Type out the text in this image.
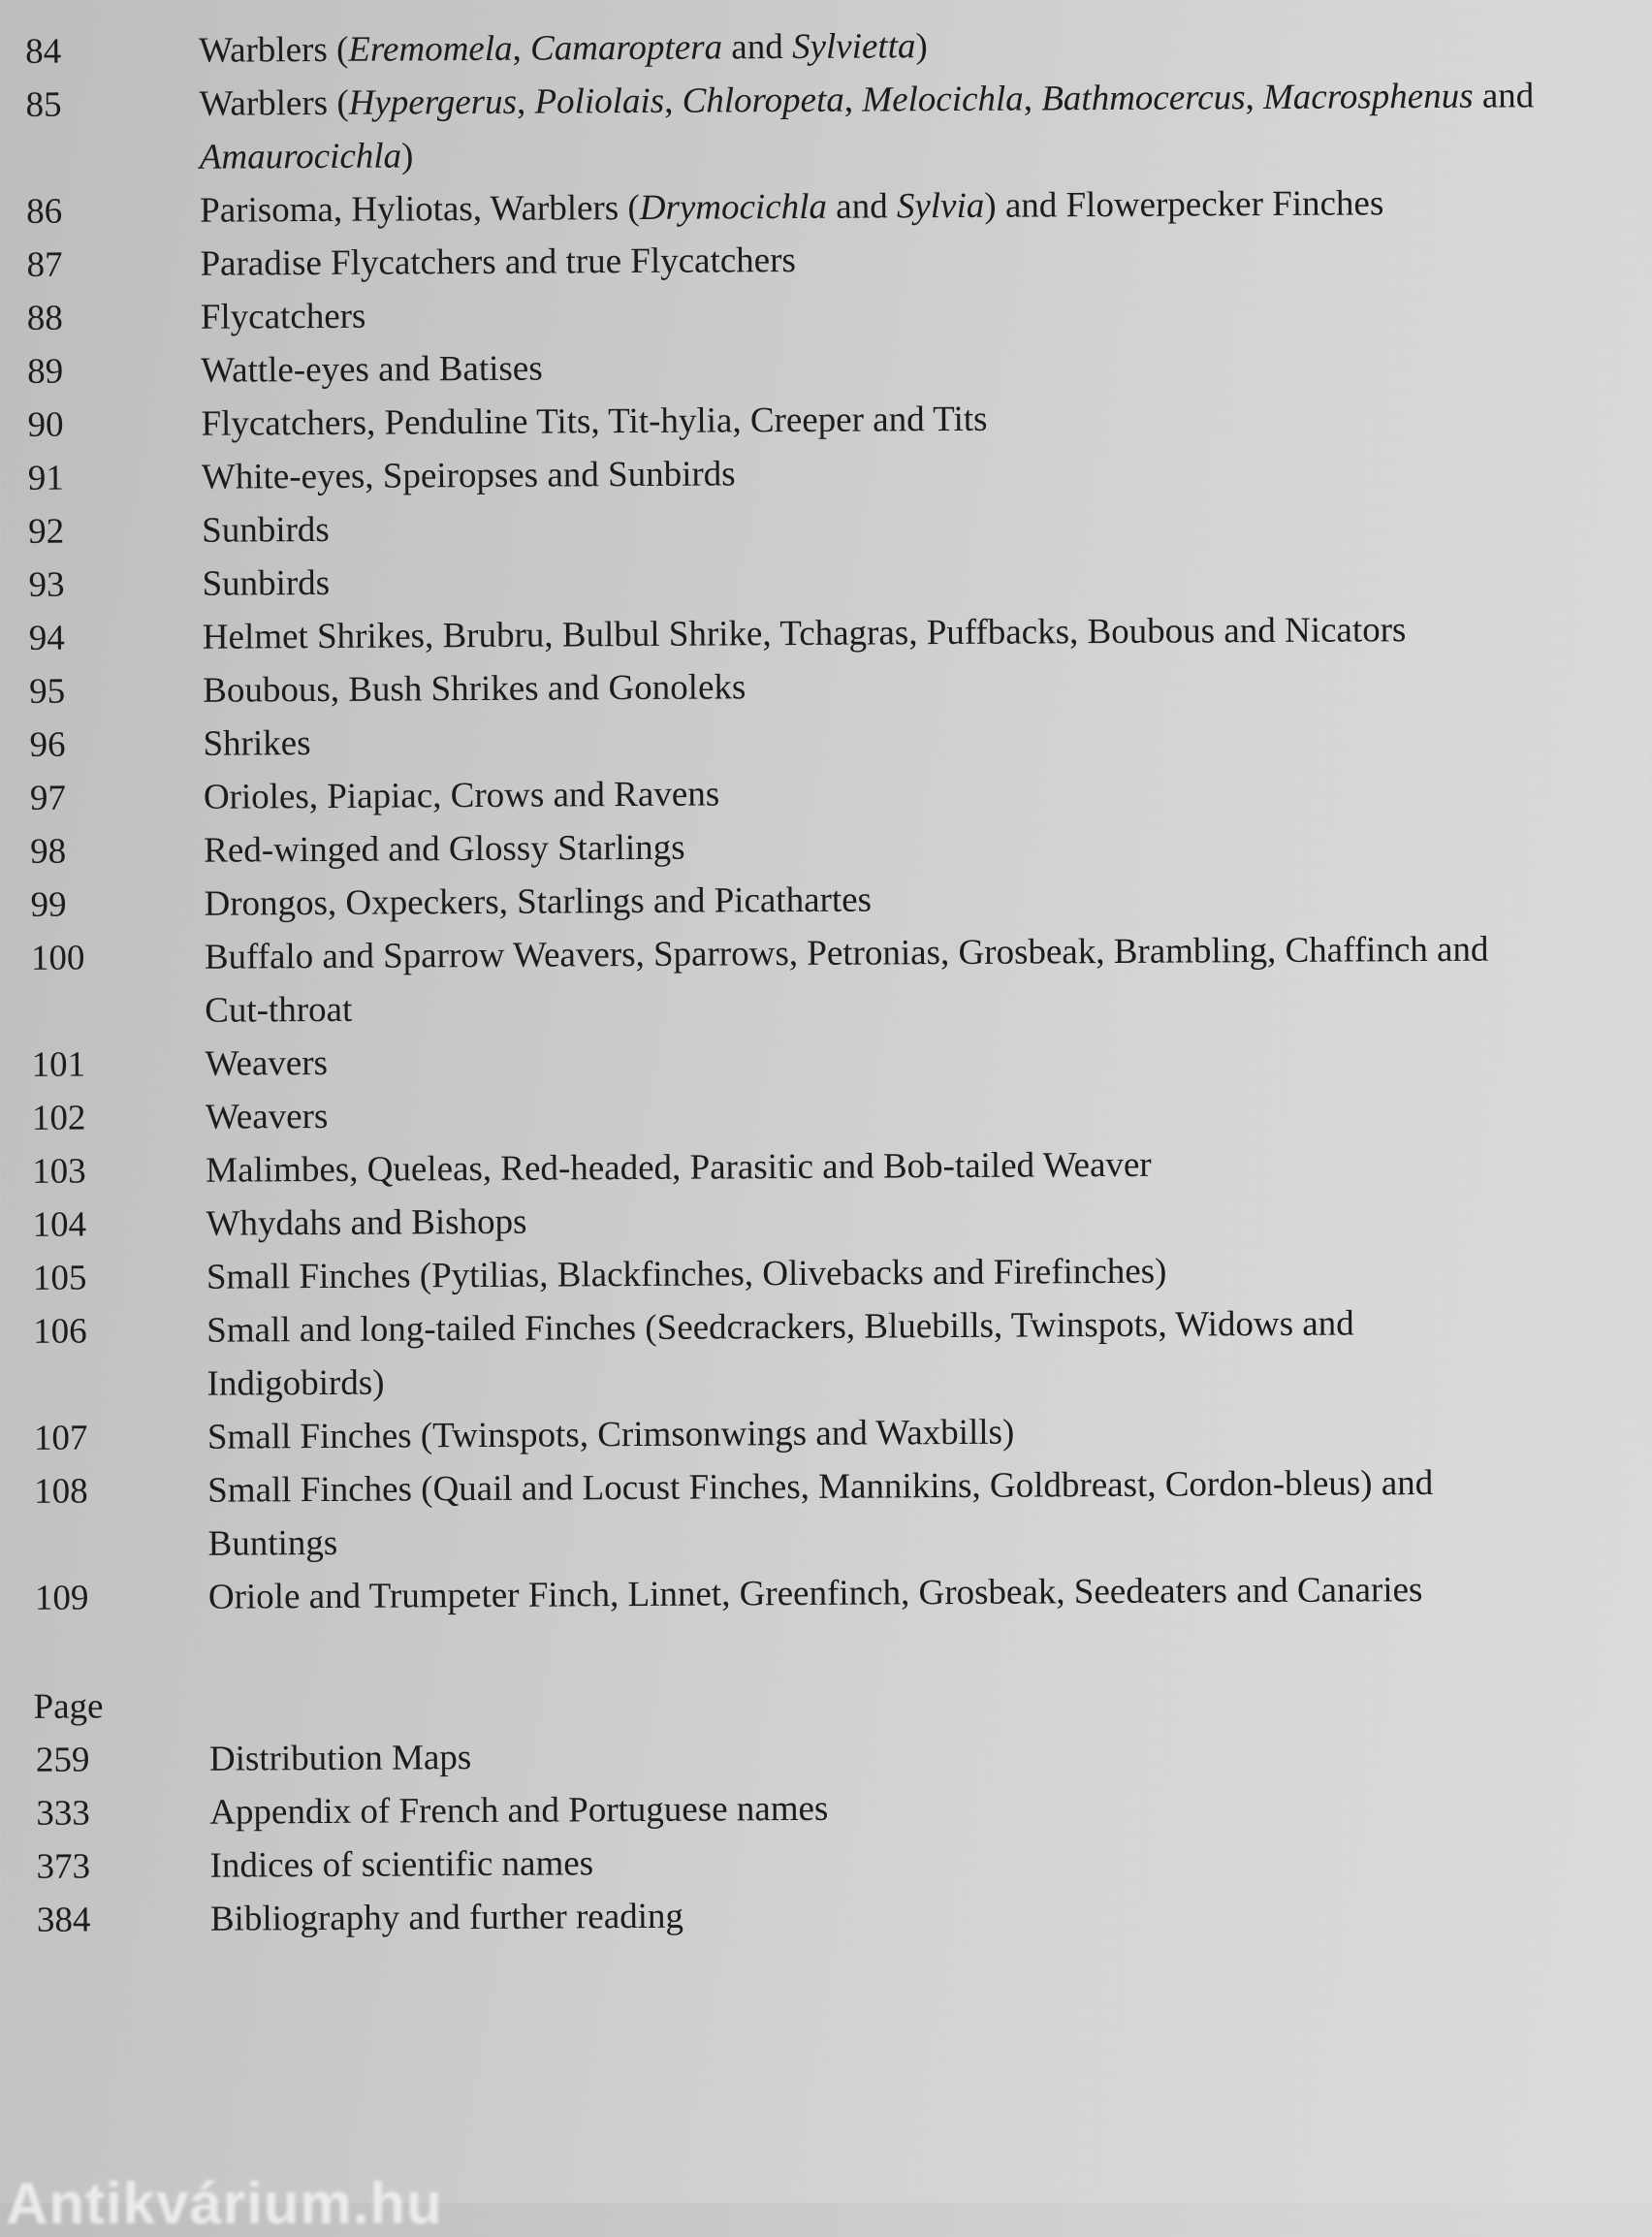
84	Warblers (Eremomela, Camaroptera and Sylvietta)
85	Warblers (Hypergerus, Poliolais, Chloropeta, Melocichla, Bathmocercus, Macrosphenus and
Amaurocichla)
86	Parisoma, Hyliotas, Warblers (Drymocichla and Sylvia) and Flowerpecker Finches
87	Paradise Flycatchers and true Flycatchers
88	Flycatchers
89	Wattle-eyes and Batises
90	Flycatchers, Penduline Tits, Tit-hylia, Creeper and Tits
91	White-eyes, Speiropses and Sunbirds
92	Sunbirds
93	Sunbirds
94	Helmet Shrikes, Brubru, Bulbul Shrike, Tchagras, Puffbacks, Boubous and Nicators
95	Boubous, Bush Shrikes and Gonoleks
96	Shrikes
97	Orioles, Piapiac, Crows and Ravens
98	Red-winged and Glossy Starlings
99	Drongos, Oxpeckers, Starlings and Picathartes
100	Buffalo and Sparrow Weavers, Sparrows, Petronias, Grosbeak, Brambling, Chaffinch and
Cut-throat
101	Weavers
102	Weavers
103	Malimbes, Queleas, Red-headed, Parasitic and Bob-tailed Weaver
104	Whydahs and Bishops
105	Small Finches (Pytilias, Blackfinches, Olivebacks and Firefinches)
106	Small and long-tailed Finches (Seedcrackers, Bluebills, Twinspots, Widows and
Indigobirds)
107	Small Finches (Twinspots, Crimsonwings and Waxbills)
108	Small Finches (Quail and Locust Finches, Mannikins, Goldbreast, Cordon-bleus) and
Buntings
109	Oriole and Trumpeter Finch, Linnet, Greenfinch, Grosbeak, Seedeaters and Canaries
Page
259	Distribution Maps
333	Appendix of French and Portuguese names
373	Indices of scientific names
384	Bibliography and further reading
Antikvárium.hu
